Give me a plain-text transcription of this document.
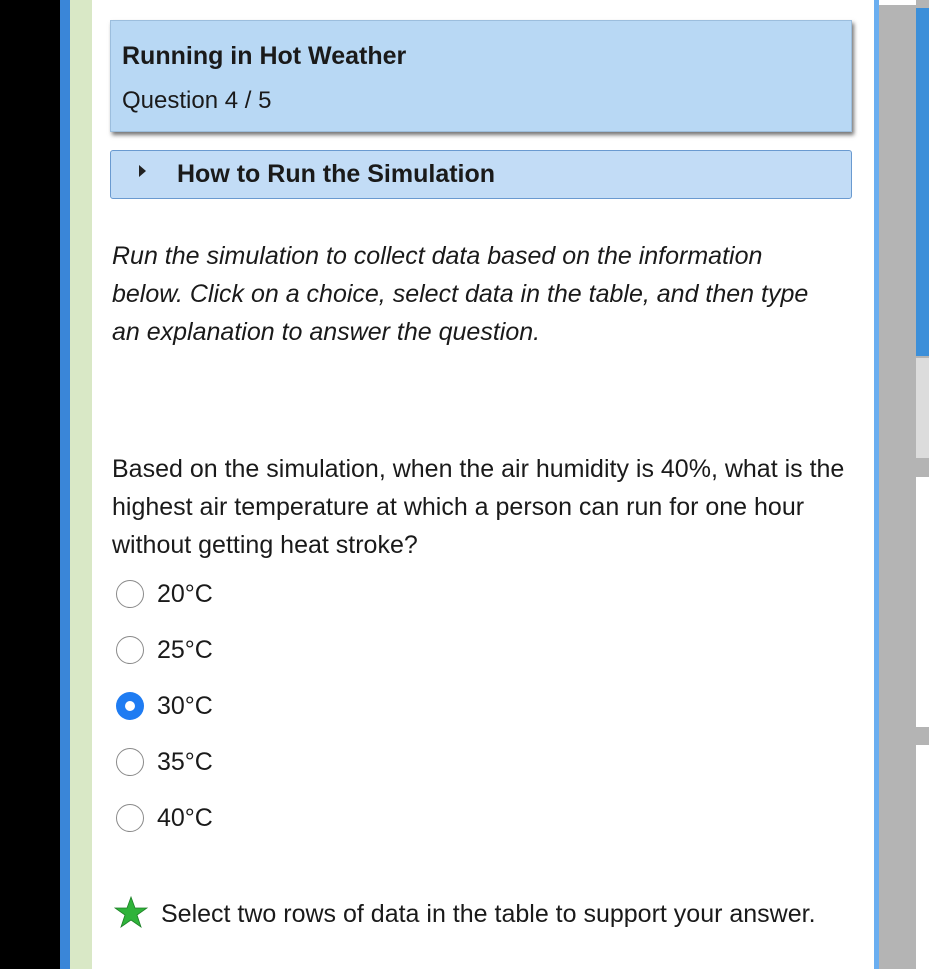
Running in Hot Weather
Question 4 / 5
How to Run the Simulation
Run the simulation to collect data based on the information below. Click on a choice, select data in the table, and then type an explanation to answer the question.
Based on the simulation, when the air humidity is 40%, what is the highest air temperature at which a person can run for one hour without getting heat stroke?
20°C
25°C
30°C
35°C
40°C
Select two rows of data in the table to support your answer.
